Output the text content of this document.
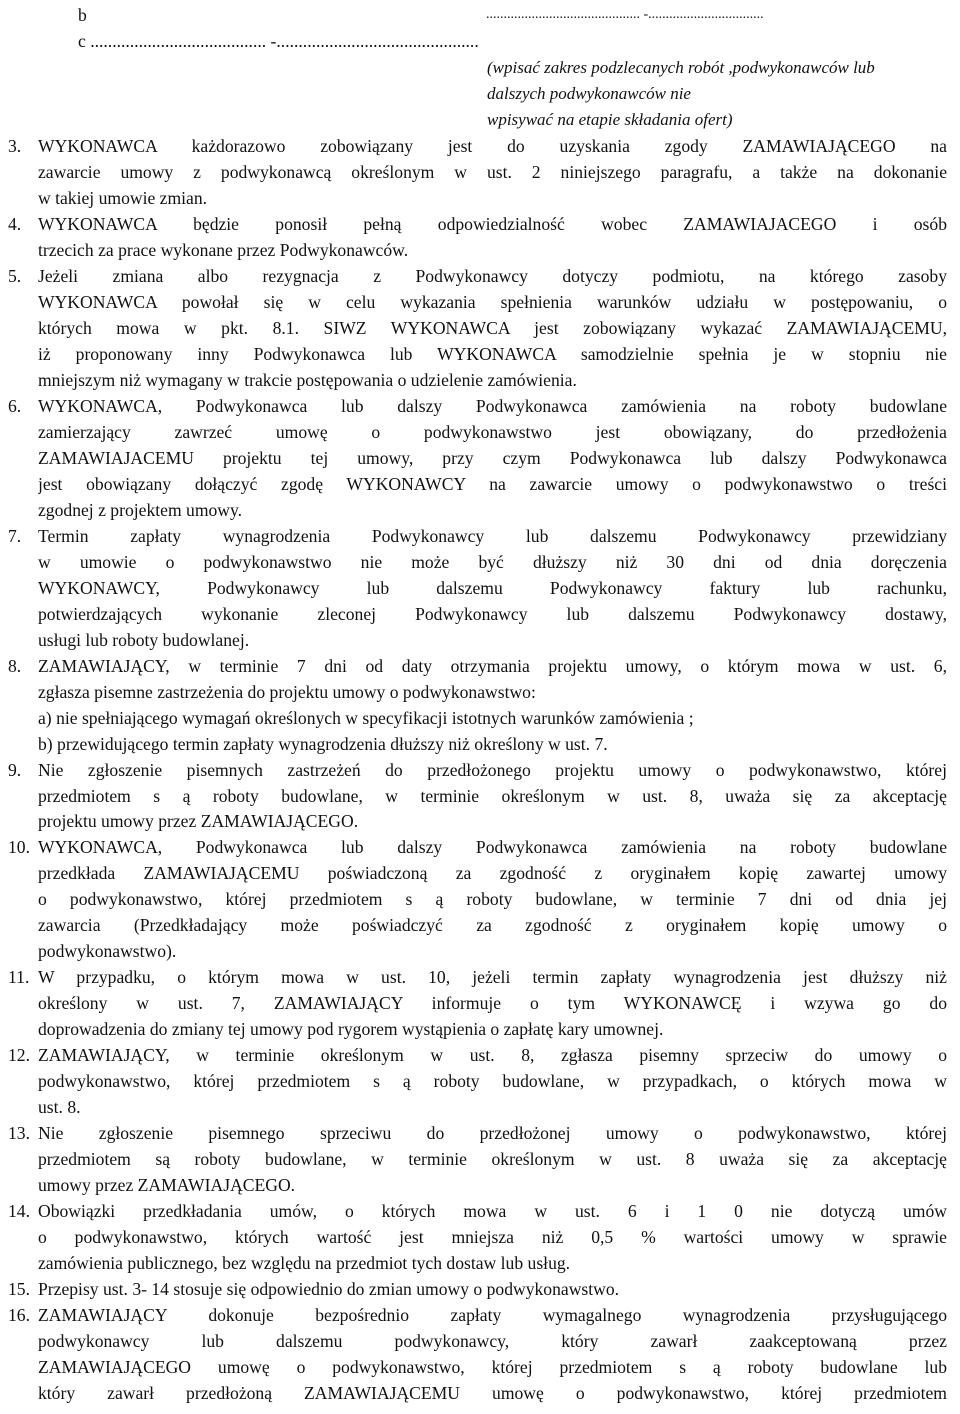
b	............................................ -.................................
c ........................................ -..............................................
(wpisać zakres podzlecanych robót ,podwykonawców lub
dalszych podwykonawców nie
wpisywać na etapie składania ofert)
3. WYKONAWCA każdorazowo zobowiązany jest do uzyskania zgody ZAMAWIAJĄCEGO na
zawarcie umowy z podwykonawcą określonym w ust. 2 niniejszego paragrafu, a także na dokonanie
w takiej umowie zmian.
4. WYKONAWCA będzie ponosił pełną odpowiedzialność wobec ZAMAWIAJACEGO i osób
trzecich za prace wykonane przez Podwykonawców.
5. Jeżeli zmiana albo rezygnacja z Podwykonawcy dotyczy podmiotu, na którego zasoby
WYKONAWCA powołał się w celu wykazania spełnienia warunków udziału w postępowaniu, o
których mowa w pkt. 8.1. SIWZ WYKONAWCA jest zobowiązany wykazać ZAMAWIAJĄCEMU,
iż proponowany inny Podwykonawca lub WYKONAWCA samodzielnie spełnia je w stopniu nie
mniejszym niż wymagany w trakcie postępowania o udzielenie zamówienia.
6. WYKONAWCA, Podwykonawca lub dalszy Podwykonawca zamówienia na roboty budowlane
zamierzający zawrzeć umowę o podwykonawstwo jest obowiązany, do przedłożenia
ZAMAWIAJACEMU projektu tej umowy, przy czym Podwykonawca lub dalszy Podwykonawca
jest obowiązany dołączyć zgodę WYKONAWCY na zawarcie umowy o podwykonawstwo o treści
zgodnej z projektem umowy.
7. Termin zapłaty wynagrodzenia Podwykonawcy lub dalszemu Podwykonawcy przewidziany
w umowie o podwykonawstwo nie może być dłuższy niż 30 dni od dnia doręczenia
WYKONAWCY, Podwykonawcy lub dalszemu Podwykonawcy faktury lub rachunku,
potwierdzających wykonanie zleconej Podwykonawcy lub dalszemu Podwykonawcy dostawy,
usługi lub roboty budowlanej.
8. ZAMAWIAJĄCY, w terminie 7 dni od daty otrzymania projektu umowy, o którym mowa w ust. 6,
zgłasza pisemne zastrzeżenia do projektu umowy o podwykonawstwo:
a) nie spełniającego wymagań określonych w specyfikacji istotnych warunków zamówienia ;
b) przewidującego termin zapłaty wynagrodzenia dłuższy niż określony w ust. 7.
9. Nie zgłoszenie pisemnych zastrzeżeń do przedłożonego projektu umowy o podwykonawstwo, której
przedmiotem s ą roboty budowlane, w terminie określonym w ust. 8, uważa się za akceptację
projektu umowy przez ZAMAWIAJĄCEGO.
10. WYKONAWCA, Podwykonawca lub dalszy Podwykonawca zamówienia na roboty budowlane
przedkłada ZAMAWIAJĄCEMU poświadczoną za zgodność z oryginałem kopię zawartej umowy
o podwykonawstwo, której przedmiotem s ą roboty budowlane, w terminie 7 dni od dnia jej
zawarcia (Przedkładający może poświadczyć za zgodność z oryginałem kopię umowy o
podwykonawstwo).
11. W przypadku, o którym mowa w ust. 10, jeżeli termin zapłaty wynagrodzenia jest dłuższy niż
określony w ust. 7, ZAMAWIAJĄCY informuje o tym WYKONAWCĘ i wzywa go do
doprowadzenia do zmiany tej umowy pod rygorem wystąpienia o zapłatę kary umownej.
12. ZAMAWIAJĄCY, w terminie określonym w ust. 8, zgłasza pisemny sprzeciw do umowy o
podwykonawstwo, której przedmiotem s ą roboty budowlane, w przypadkach, o których mowa w
ust. 8.
13. Nie zgłoszenie pisemnego sprzeciwu do przedłożonej umowy o podwykonawstwo, której
przedmiotem są roboty budowlane, w terminie określonym w ust. 8 uważa się za akceptację
umowy przez ZAMAWIAJĄCEGO.
14. Obowiązki przedkładania umów, o których mowa w ust. 6 i 1 0 nie dotyczą umów
o podwykonawstwo, których wartość jest mniejsza niż 0,5 % wartości umowy w sprawie
zamówienia publicznego, bez względu na przedmiot tych dostaw lub usług.
15. Przepisy ust. 3- 14 stosuje się odpowiednio do zmian umowy o podwykonawstwo.
16. ZAMAWIAJĄCY dokonuje bezpośrednio zapłaty wymagalnego wynagrodzenia przysługującego
podwykonawcy lub dalszemu podwykonawcy, który zawarł zaakceptowaną przez
ZAMAWIAJĄCEGO umowę o podwykonawstwo, której przedmiotem s ą roboty budowlane lub
który zawarł przedłożoną ZAMAWIAJĄCEMU umowę o podwykonawstwo, której przedmiotem
